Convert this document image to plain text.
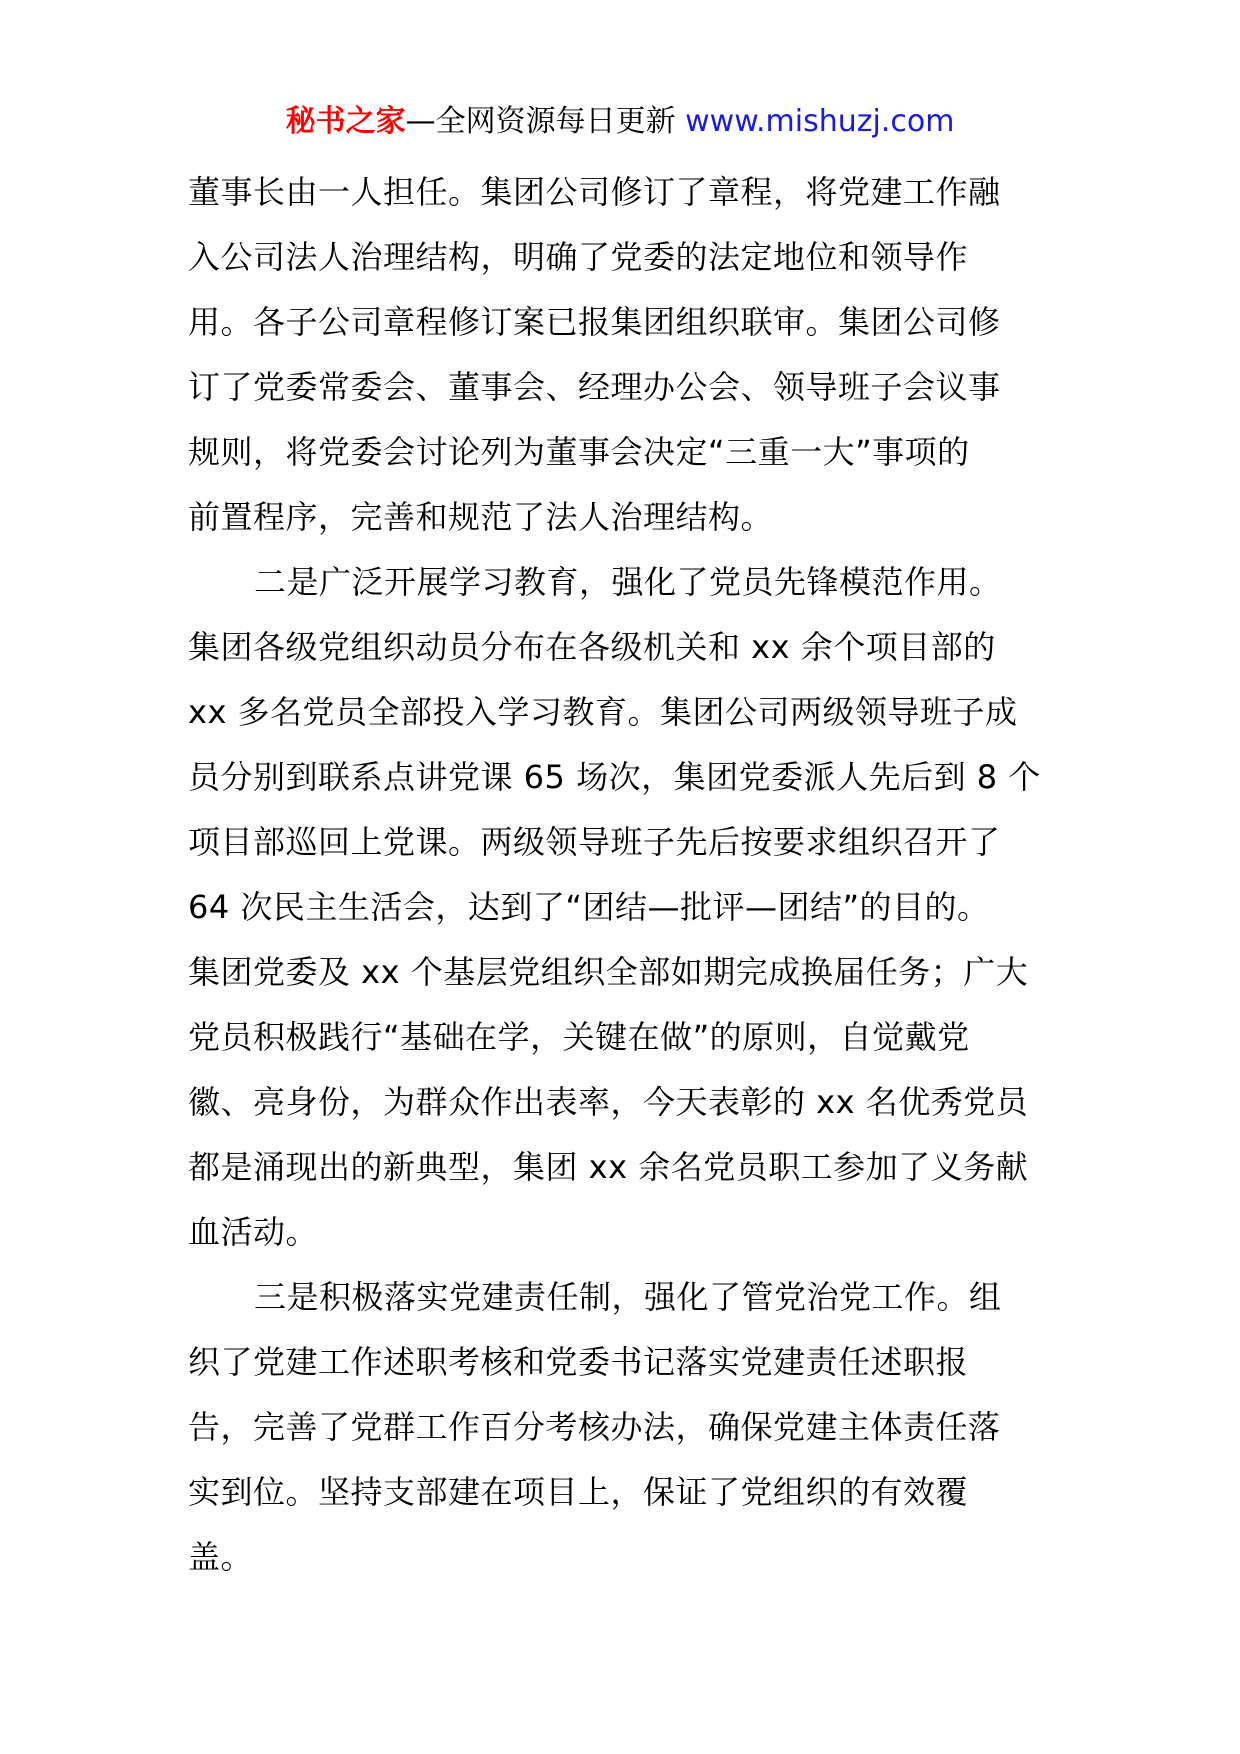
秘书之家—全网资源每日更新 www.mishuzj.com
董事长由一人担任。集团公司修订了章程，将党建工作融
入公司法人治理结构，明确了党委的法定地位和领导作
用。各子公司章程修订案已报集团组织联审。集团公司修
订了党委常委会、董事会、经理办公会、领导班子会议事
规则，将党委会讨论列为董事会决定“三重一大”事项的
前置程序，完善和规范了法人治理结构。
二是广泛开展学习教育，强化了党员先锋模范作用。
集团各级党组织动员分布在各级机关和 xx 余个项目部的
xx 多名党员全部投入学习教育。集团公司两级领导班子成
员分别到联系点讲党课 65 场次，集团党委派人先后到 8 个
项目部巡回上党课。两级领导班子先后按要求组织召开了
64 次民主生活会，达到了“团结—批评—团结”的目的。
集团党委及 xx 个基层党组织全部如期完成换届任务；广大
党员积极践行“基础在学，关键在做”的原则，自觉戴党
徽、亮身份，为群众作出表率，今天表彰的 xx 名优秀党员
都是涌现出的新典型，集团 xx 余名党员职工参加了义务献
血活动。
三是积极落实党建责任制，强化了管党治党工作。组
织了党建工作述职考核和党委书记落实党建责任述职报
告，完善了党群工作百分考核办法，确保党建主体责任落
实到位。坚持支部建在项目上，保证了党组织的有效覆
盖。
